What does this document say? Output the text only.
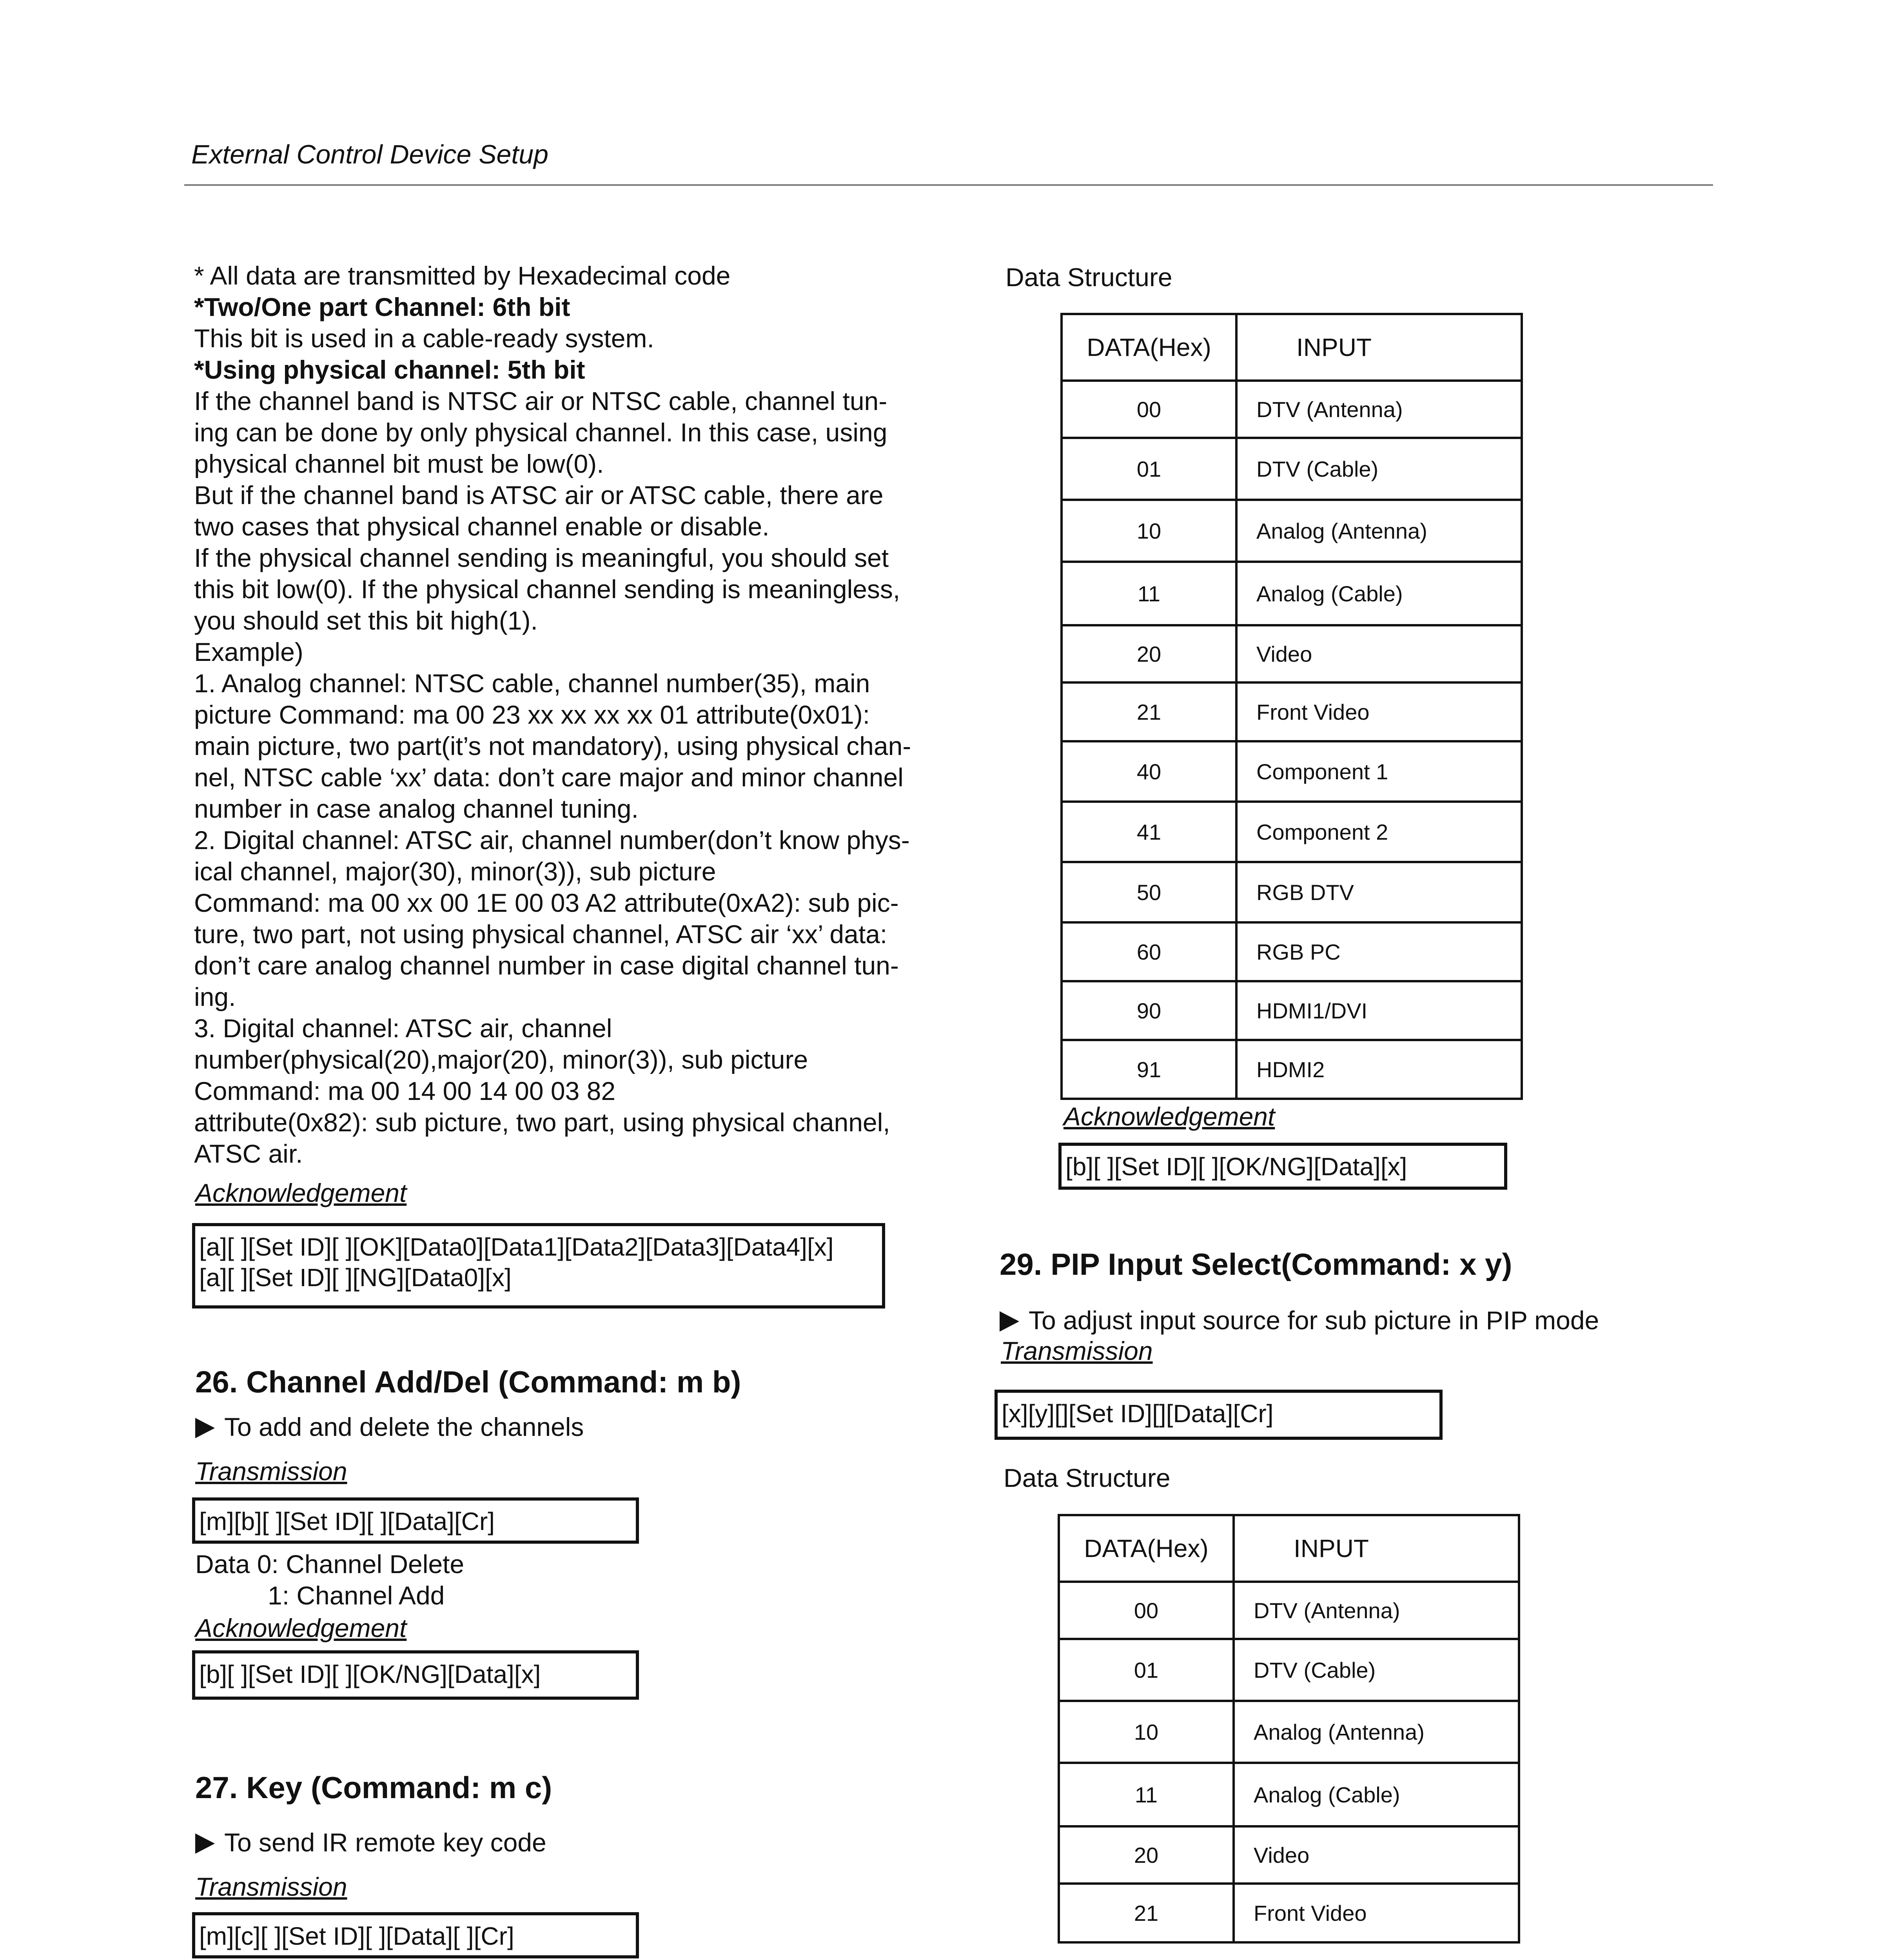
External Control Device Setup
* All data are transmitted by Hexadecimal code
*Two/One part Channel: 6th bit
This bit is used in a cable-ready system.
*Using physical channel: 5th bit
If the channel band is NTSC air or NTSC cable, channel tun-
ing can be done by only physical channel. In this case, using
physical channel bit must be low(0).
But if the channel band is ATSC air or ATSC cable, there are
two cases that physical channel enable or disable.
If the physical channel sending is meaningful, you should set
this bit low(0). If the physical channel sending is meaningless,
you should set this bit high(1).
Example)
1. Analog channel: NTSC cable, channel number(35), main
picture Command: ma 00 23 xx xx xx xx 01 attribute(0x01):
main picture, two part(it’s not mandatory), using physical chan-
nel, NTSC cable ‘xx’ data: don’t care major and minor channel
number in case analog channel tuning.
2. Digital channel: ATSC air, channel number(don’t know phys-
ical channel, major(30), minor(3)), sub picture
Command: ma 00 xx 00 1E 00 03 A2 attribute(0xA2): sub pic-
ture, two part, not using physical channel, ATSC air ‘xx’ data:
don’t care analog channel number in case digital channel tun-
ing.
3. Digital channel: ATSC air, channel
number(physical(20),major(20), minor(3)), sub picture
Command: ma 00 14 00 14 00 03 82
attribute(0x82): sub picture, two part, using physical channel,
ATSC air.
Acknowledgement
[a][ ][Set ID][ ][OK][Data0][Data1][Data2][Data3][Data4][x]
[a][ ][Set ID][ ][NG][Data0][x]
26. Channel Add/Del (Command: m b)
To add and delete the channels
Transmission
[m][b][ ][Set ID][ ][Data][Cr]
Data 0: Channel Delete
1: Channel Add
Acknowledgement
[b][ ][Set ID][ ][OK/NG][Data][x]
27. Key (Command: m c)
To send IR remote key code
Transmission
[m][c][ ][Set ID][ ][Data][ ][Cr]
Data Structure
DATA(Hex)	INPUT
00	DTV (Antenna)
01	DTV (Cable)
10	Analog (Antenna)
11	Analog (Cable)
20	Video
21	Front Video
40	Component 1
41	Component 2
50	RGB DTV
60	RGB PC
90	HDMI1/DVI
91	HDMI2
Acknowledgement
[b][ ][Set ID][ ][OK/NG][Data][x]
29. PIP Input Select(Command: x y)
To adjust input source for sub picture in PIP mode
Transmission
[x][y][][Set ID][][Data][Cr]
Data Structure
DATA(Hex)	INPUT
00	DTV (Antenna)
01	DTV (Cable)
10	Analog (Antenna)
11	Analog (Cable)
20	Video
21	Front Video
